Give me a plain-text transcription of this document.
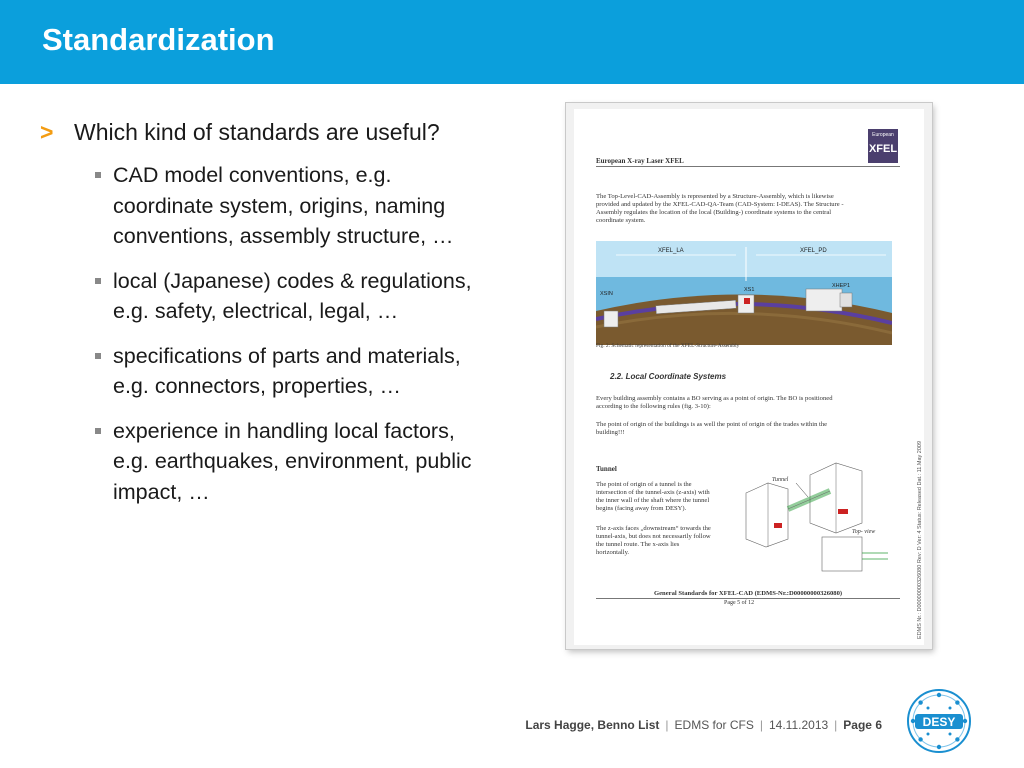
Standardization
> Which kind of standards are useful?
CAD model conventions, e.g.
coordinate system, origins, naming
conventions, assembly structure, …
local (Japanese) codes & regulations,
e.g. safety, electrical, legal, …
specifications of parts and materials,
e.g. connectors, properties, …
experience in handling local factors,
e.g. earthquakes, environment, public
impact, …
European X-ray Laser XFEL
European
XFEL
The Top-Level-CAD-Assembly is represented by a Structure-Assembly, which is likewise
provided and updated by the XFEL-CAD-QA-Team (CAD-System: I-DEAS). The Structure -
Assembly regulates the location of the local (Building-) coordinate systems to the central
coordinate system.
XFEL_LA	XFEL_PD
XS1
XHEP1
XSIN
Fig. 2: Schematic representation of the XFEL-Structure-Assembly
2.2. Local Coordinate Systems
Every building assembly contains a BO serving as a point of origin. The BO is positioned
according to the following rules (fig. 3-10):
The point of origin of the buildings is as well the point of origin of the trades within the
building!!!
Tunnel
The point of origin of a tunnel is the
intersection of the tunnel-axis (z-axis) with
the inner wall of the shaft where the tunnel
begins (facing away from DESY).
The z-axis faces „downstream“ towards the
tunnel-axis, but does not necessarily follow
the tunnel route. The x-axis lies
horizontally.
Tunnel
Top- view
General Standards for XFEL-CAD (EDMS-Nr.:D00000000326080)
Page 5 of 12	EDMS Nr.: D00000000326080 Rev: D Ver: 4 Status: Released Dat.: 11.May 2009
Lars Hagge, Benno List | EDMS for CFS | 14.11.2013 | Page 6	DESY
